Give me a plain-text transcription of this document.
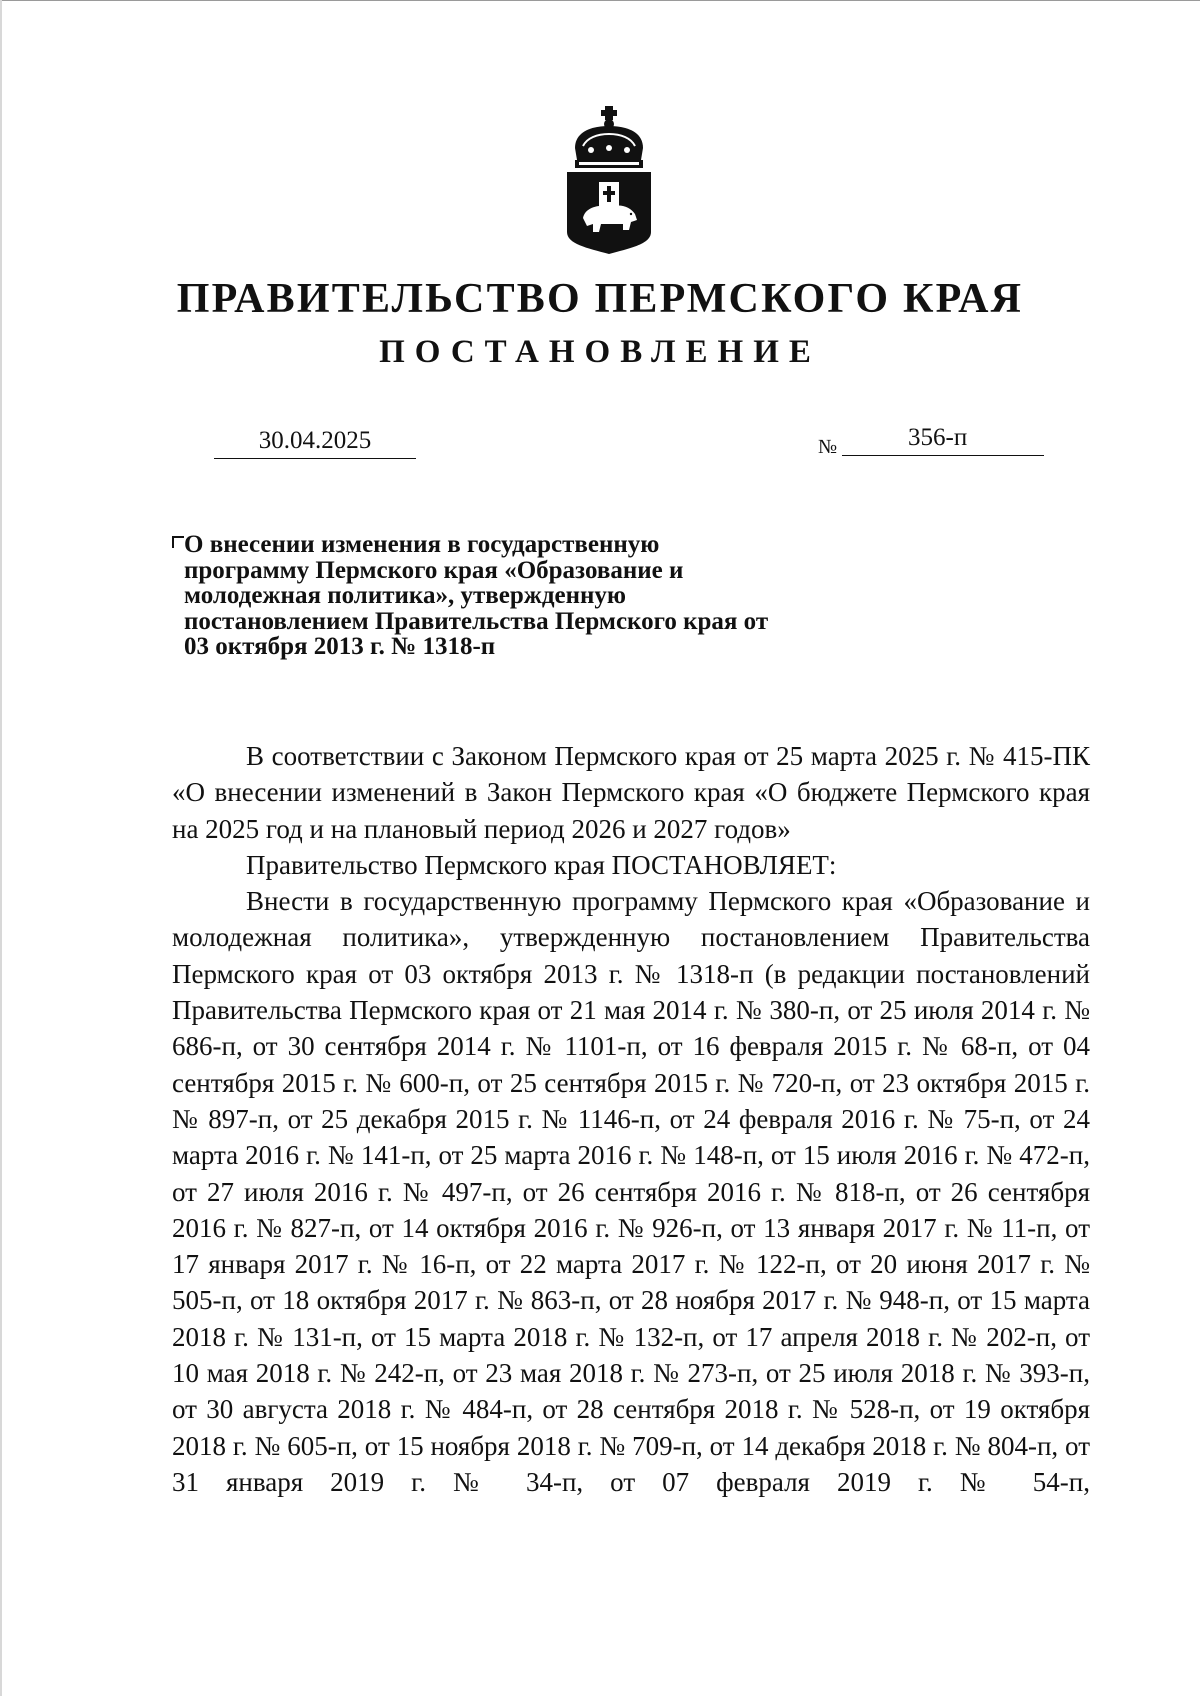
ПРАВИТЕЛЬСТВО ПЕРМСКОГО КРАЯ
ПОСТАНОВЛЕНИЕ
30.04.2025	№	356-п
О внесении изменения в государственную программу Пермского края «Образование и молодежная политика», утвержденную постановлением Правительства Пермского края от 03 октября 2013 г. № 1318-п

В соответствии с Законом Пермского края от 25 марта 2025 г. № 415-ПК «О внесении изменений в Закон Пермского края «О бюджете Пермского края на 2025 год и на плановый период 2026 и 2027 годов»

Правительство Пермского края ПОСТАНОВЛЯЕТ:

Внести в государственную программу Пермского края «Образование и молодежная политика», утвержденную постановлением Правительства Пермского края от 03 октября 2013 г. № 1318-п (в редакции постановлений Правительства Пермского края от 21 мая 2014 г. № 380-п, от 25 июля 2014 г. № 686-п, от 30 сентября 2014 г. № 1101-п, от 16 февраля 2015 г. № 68-п, от 04 сентября 2015 г. № 600-п, от 25 сентября 2015 г. № 720-п, от 23 октября 2015 г. № 897-п, от 25 декабря 2015 г. № 1146-п, от 24 февраля 2016 г. № 75-п, от 24 марта 2016 г. № 141-п, от 25 марта 2016 г. № 148-п, от 15 июля 2016 г. № 472-п, от 27 июля 2016 г. № 497-п, от 26 сентября 2016 г. № 818-п, от 26 сентября 2016 г. № 827-п, от 14 октября 2016 г. № 926-п, от 13 января 2017 г. № 11-п, от 17 января 2017 г. № 16-п, от 22 марта 2017 г. № 122-п, от 20 июня 2017 г. № 505-п, от 18 октября 2017 г. № 863-п, от 28 ноября 2017 г. № 948-п, от 15 марта 2018 г. № 131-п, от 15 марта 2018 г. № 132-п, от 17 апреля 2018 г. № 202-п, от 10 мая 2018 г. № 242-п, от 23 мая 2018 г. № 273-п, от 25 июля 2018 г. № 393-п, от 30 августа 2018 г. № 484-п, от 28 сентября 2018 г. № 528-п, от 19 октября 2018 г. № 605-п, от 15 ноября 2018 г. № 709-п, от 14 декабря 2018 г. № 804-п, от 31 января 2019 г. № 34-п, от 07 февраля 2019 г. № 54-п,
